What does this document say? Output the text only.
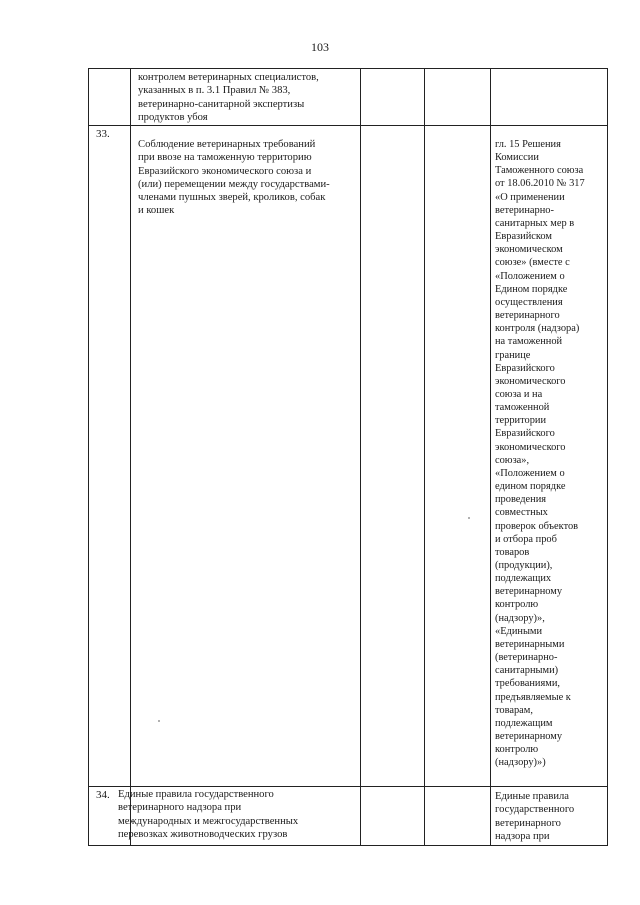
103
контролем ветеринарных специалистов,
указанных в п. 3.1 Правил № 383,
ветеринарно-санитарной экспертизы
продуктов убоя
33.
Соблюдение ветеринарных требований
при ввозе на таможенную территорию
Евразийского экономического союза и
(или) перемещении между государствами-
членами пушных зверей, кроликов, собак
и кошек
гл. 15 Решения
Комиссии
Таможенного союза
от 18.06.2010 № 317
«О применении
ветеринарно-
санитарных мер в
Евразийском
экономическом
союзе» (вместе с
«Положением о
Едином порядке
осуществления
ветеринарного
контроля (надзора)
на таможенной
границе
Евразийского
экономического
союза и на
таможенной
территории
Евразийского
экономического
союза»,
«Положением о
едином порядке
проведения
совместных
проверок объектов
и отбора проб
товаров
(продукции),
подлежащих
ветеринарному
контролю
(надзору)»,
«Едиными
ветеринарными
(ветеринарно-
санитарными)
требованиями,
предъявляемые к
товарам,
подлежащим
ветеринарному
контролю
(надзору)»)
34. Единые правила государственного
ветеринарного надзора при
международных и межгосударственных
перевозках животноводческих грузов
Единые правила
государственного
ветеринарного
надзора при
